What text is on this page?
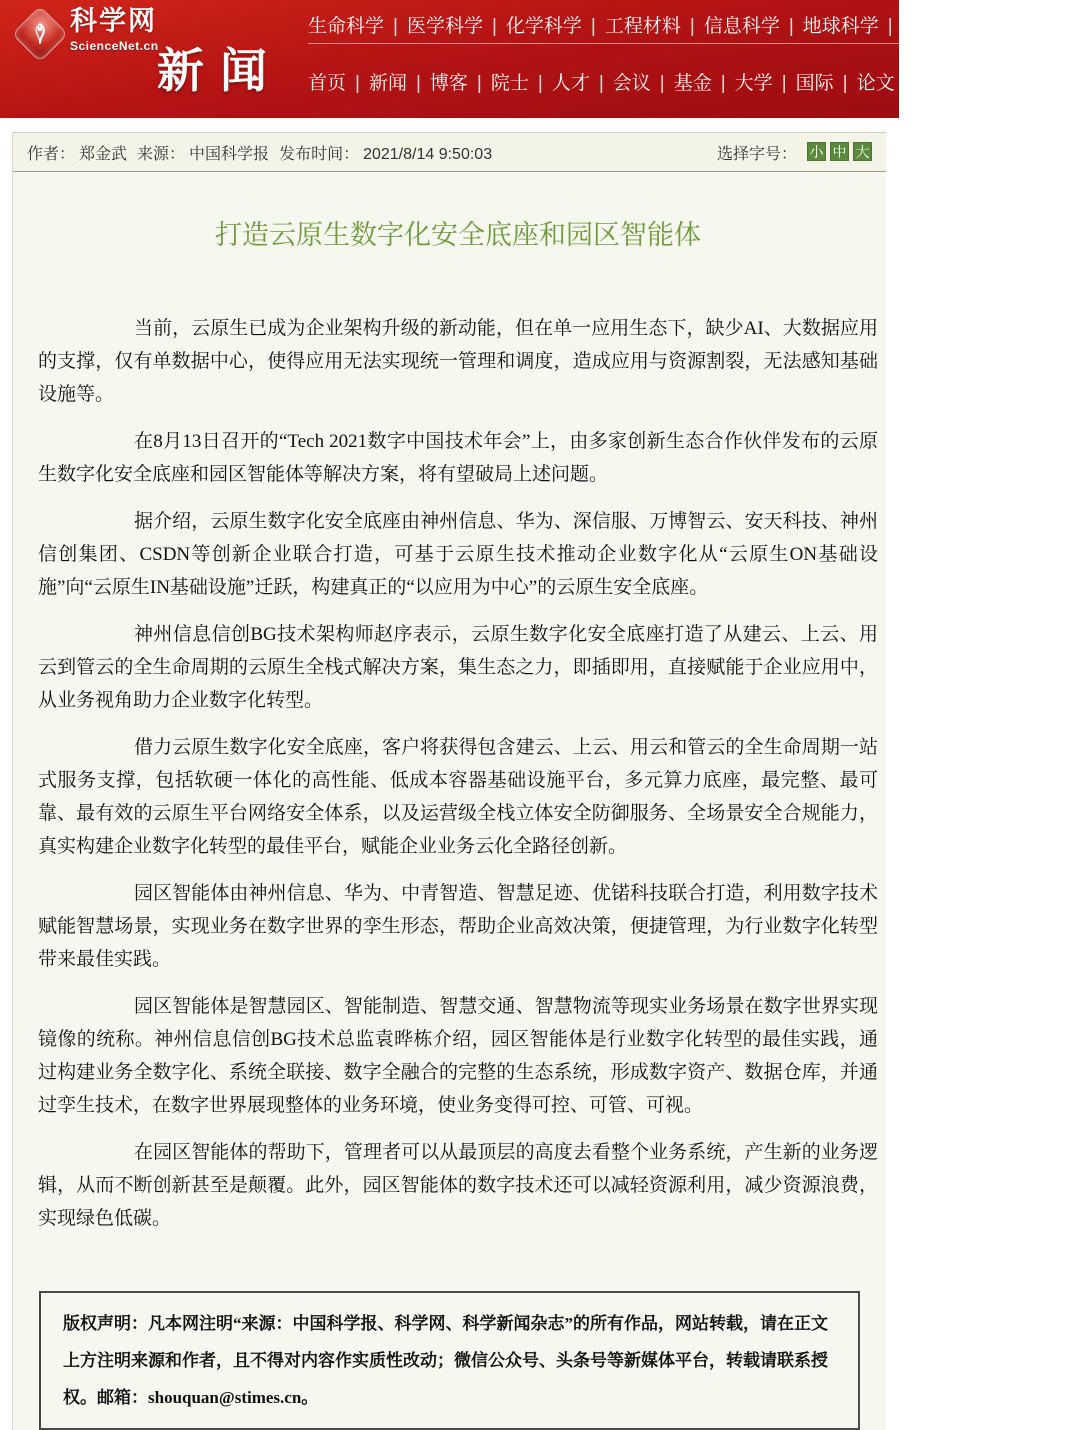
科学网
ScienceNet.cn
新闻
生命科学 | 医学科学 | 化学科学 | 工程材料 | 信息科学 | 地球科学 | 数理科学 | 管理科学
首页 | 新闻 | 博客 | 院士 | 人才 | 会议 | 基金 | 大学 | 国际 | 论文 | 视频 | 小柯机器人
作者： 郑金武 来源： 中国科学报 发布时间： 2021/8/14 9:50:03	选择字号： 小 中 大
打造云原生数字化安全底座和园区智能体

当前，云原生已成为企业架构升级的新动能，但在单一应用生态下，缺少AI、大数据应用的支撑，仅有单数据中心，使得应用无法实现统一管理和调度，造成应用与资源割裂，无法感知基础设施等。

在8月13日召开的“Tech 2021数字中国技术年会”上，由多家创新生态合作伙伴发布的云原生数字化安全底座和园区智能体等解决方案，将有望破局上述问题。

据介绍，云原生数字化安全底座由神州信息、华为、深信服、万博智云、安天科技、神州信创集团、CSDN等创新企业联合打造，可基于云原生技术推动企业数字化从“云原生ON基础设施”向“云原生IN基础设施”迁跃，构建真正的“以应用为中心”的云原生安全底座。

神州信息信创BG技术架构师赵序表示，云原生数字化安全底座打造了从建云、上云、用云到管云的全生命周期的云原生全栈式解决方案，集生态之力，即插即用，直接赋能于企业应用中，从业务视角助力企业数字化转型。

借力云原生数字化安全底座，客户将获得包含建云、上云、用云和管云的全生命周期一站式服务支撑，包括软硬一体化的高性能、低成本容器基础设施平台，多元算力底座，最完整、最可靠、最有效的云原生平台网络安全体系，以及运营级全栈立体安全防御服务、全场景安全合规能力，真实构建企业数字化转型的最佳平台，赋能企业业务云化全路径创新。

园区智能体由神州信息、华为、中青智造、智慧足迹、优锘科技联合打造，利用数字技术赋能智慧场景，实现业务在数字世界的孪生形态，帮助企业高效决策，便捷管理，为行业数字化转型带来最佳实践。

园区智能体是智慧园区、智能制造、智慧交通、智慧物流等现实业务场景在数字世界实现镜像的统称。神州信息信创BG技术总监袁晔栋介绍，园区智能体是行业数字化转型的最佳实践，通过构建业务全数字化、系统全联接、数字全融合的完整的生态系统，形成数字资产、数据仓库，并通过孪生技术，在数字世界展现整体的业务环境，使业务变得可控、可管、可视。

在园区智能体的帮助下，管理者可以从最顶层的高度去看整个业务系统，产生新的业务逻辑，从而不断创新甚至是颠覆。此外，园区智能体的数字技术还可以减轻资源利用，减少资源浪费，实现绿色低碳。

版权声明：凡本网注明“来源：中国科学报、科学网、科学新闻杂志”的所有作品，网站转载，请在正文上方注明来源和作者，且不得对内容作实质性改动；微信公众号、头条号等新媒体平台，转载请联系授权。邮箱：shouquan@stimes.cn。
